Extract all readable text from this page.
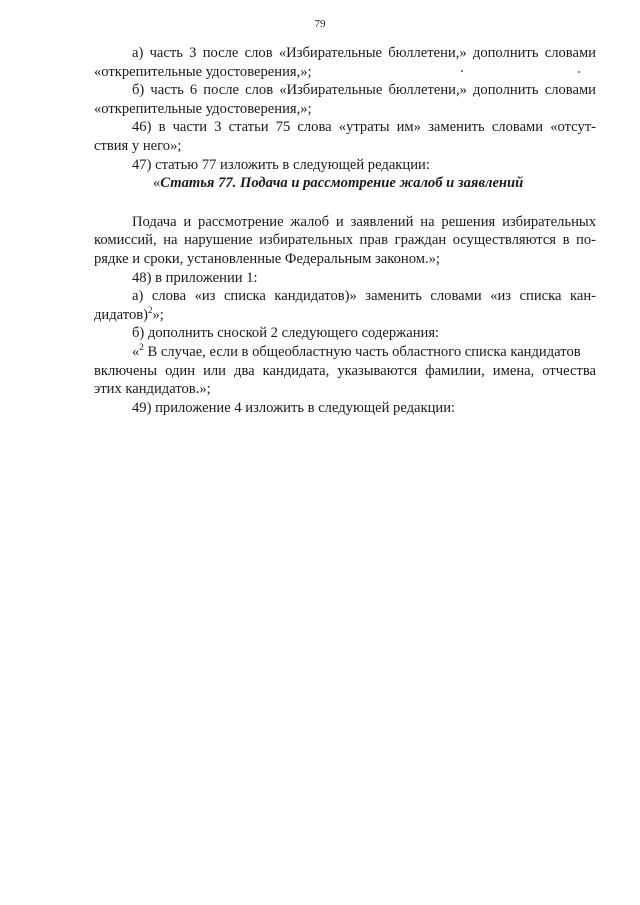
79
а) часть 3 после слов «Избирательные бюллетени,» дополнить словами
«открепительные удостоверения,»;
б) часть 6 после слов «Избирательные бюллетени,» дополнить словами
«открепительные удостоверения,»;
46) в части 3 статьи 75 слова «утраты им» заменить словами «отсут-
ствия у него»;
47) статью 77 изложить в следующей редакции:
«Статья 77. Подача и рассмотрение жалоб и заявлений
Подача и рассмотрение жалоб и заявлений на решения избирательных
комиссий, на нарушение избирательных прав граждан осуществляются в по-
рядке и сроки, установленные Федеральным законом.»;
48) в приложении 1:
а) слова «из списка кандидатов)» заменить словами «из списка кан-
дидатов)$^2$»;
б) дополнить сноской 2 следующего содержания:
«$^2$ В случае, если в общеобластную часть областного списка кандидатов
включены один или два кандидата, указываются фамилии, имена, отчества
этих кандидатов.»;
49) приложение 4 изложить в следующей редакции:
